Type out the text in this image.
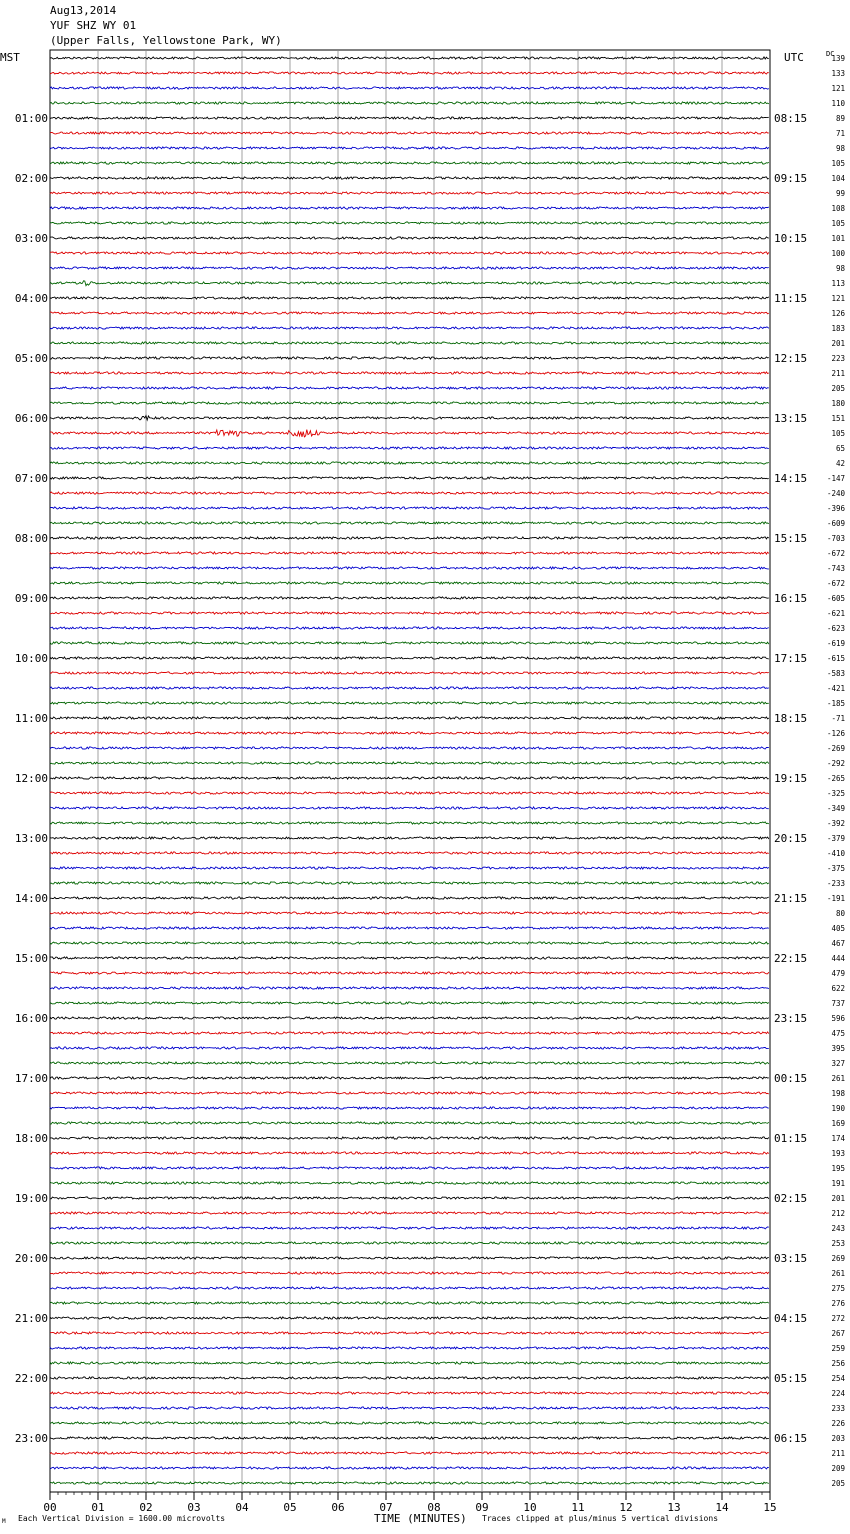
Aug13,2014
YUF SHZ WY 01
(Upper Falls, Yellowstone Park, WY)
00	01	02	03	04	05	06	07	08	09	10	11	12	13	14	15
139
133
121
110
89
71
98
105
104
99
108
105
101
100
98
113
121
126
183
201
223
211
205
180
151
105
65
42
-147
-240
-396
-609
-703
-672
-743
-672
-605
-621
-623
-619
-615
-583
-421
-185
-71
-126
-269
-292
-265
-325
-349
-392
-379
-410
-375
-233
-191
80
405
467
444
479
622
737
596
475
395
327
261
198
190
169
174
193
195
191
201
212
243
253
269
261
275
276
272
267
259
256
254
224
233
226
203
211
209
205
MST	UTC	DC
01:00
02:00
03:00
04:00
05:00
06:00
07:00
08:00
09:00
10:00
11:00
12:00
13:00
14:00
15:00
16:00
17:00
18:00
19:00
20:00
21:00
22:00
23:00
08:15
09:15
10:15
11:15
12:15
13:15
14:15
15:15
16:15
17:15
18:15
19:15
20:15
21:15
22:15
23:15
00:15
01:15
02:15
03:15
04:15
05:15
06:15
Each Vertical Division = 1600.00 microvolts	TIME (MINUTES) Traces clipped at plus/minus 5 vertical divisions
M
